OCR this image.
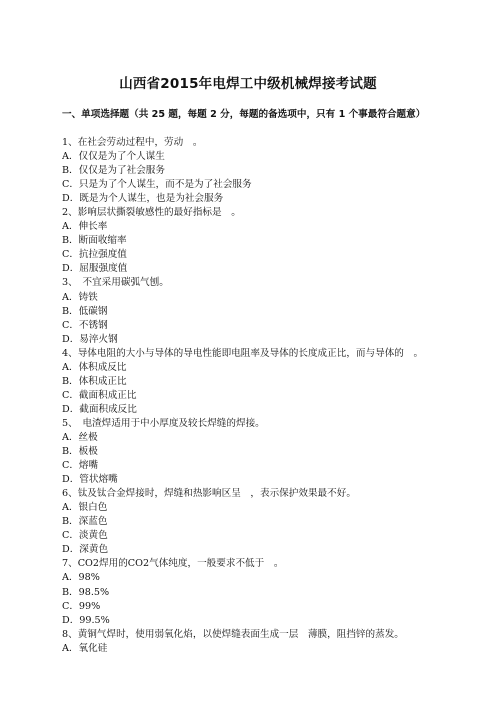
山西省2015年电焊工中级机械焊接考试题
一、单项选择题（共 25 题，每题 2 分，每题的备选项中，只有 1 个事最符合题意）
1、在社会劳动过程中，劳动　。
A．仅仅是为了个人谋生
B．仅仅是为了社会服务
C．只是为了个人谋生，而不是为了社会服务
D．既是为个人谋生，也是为社会服务
2、影响层状撕裂敏感性的最好指标是　。
A．伸长率
B．断面收缩率
C．抗拉强度值
D．屈服强度值
3、　不宜采用碳弧气刨。
A．铸铁
B．低碳钢
C．不锈钢
D．易淬火钢
4、导体电阻的大小与导体的导电性能即电阻率及导体的长度成正比，而与导体的　。
A．体积成反比
B．体积成正比
C．截面积成正比
D．截面积成反比
5、　电渣焊适用于中小厚度及较长焊缝的焊接。
A．丝极
B．板极
C．熔嘴
D．管状熔嘴
6、钛及钛合金焊接时，焊缝和热影响区呈　，表示保护效果最不好。
A．银白色
B．深蓝色
C．淡黄色
D．深黄色
7、CO2焊用的CO2气体纯度，一般要求不低于　。
A．98%
B．98.5%
C．99%
D．99.5%
8、黄铜气焊时，使用弱氧化焰，以使焊缝表面生成一层　薄膜，阻挡锌的蒸发。
A．氧化硅
